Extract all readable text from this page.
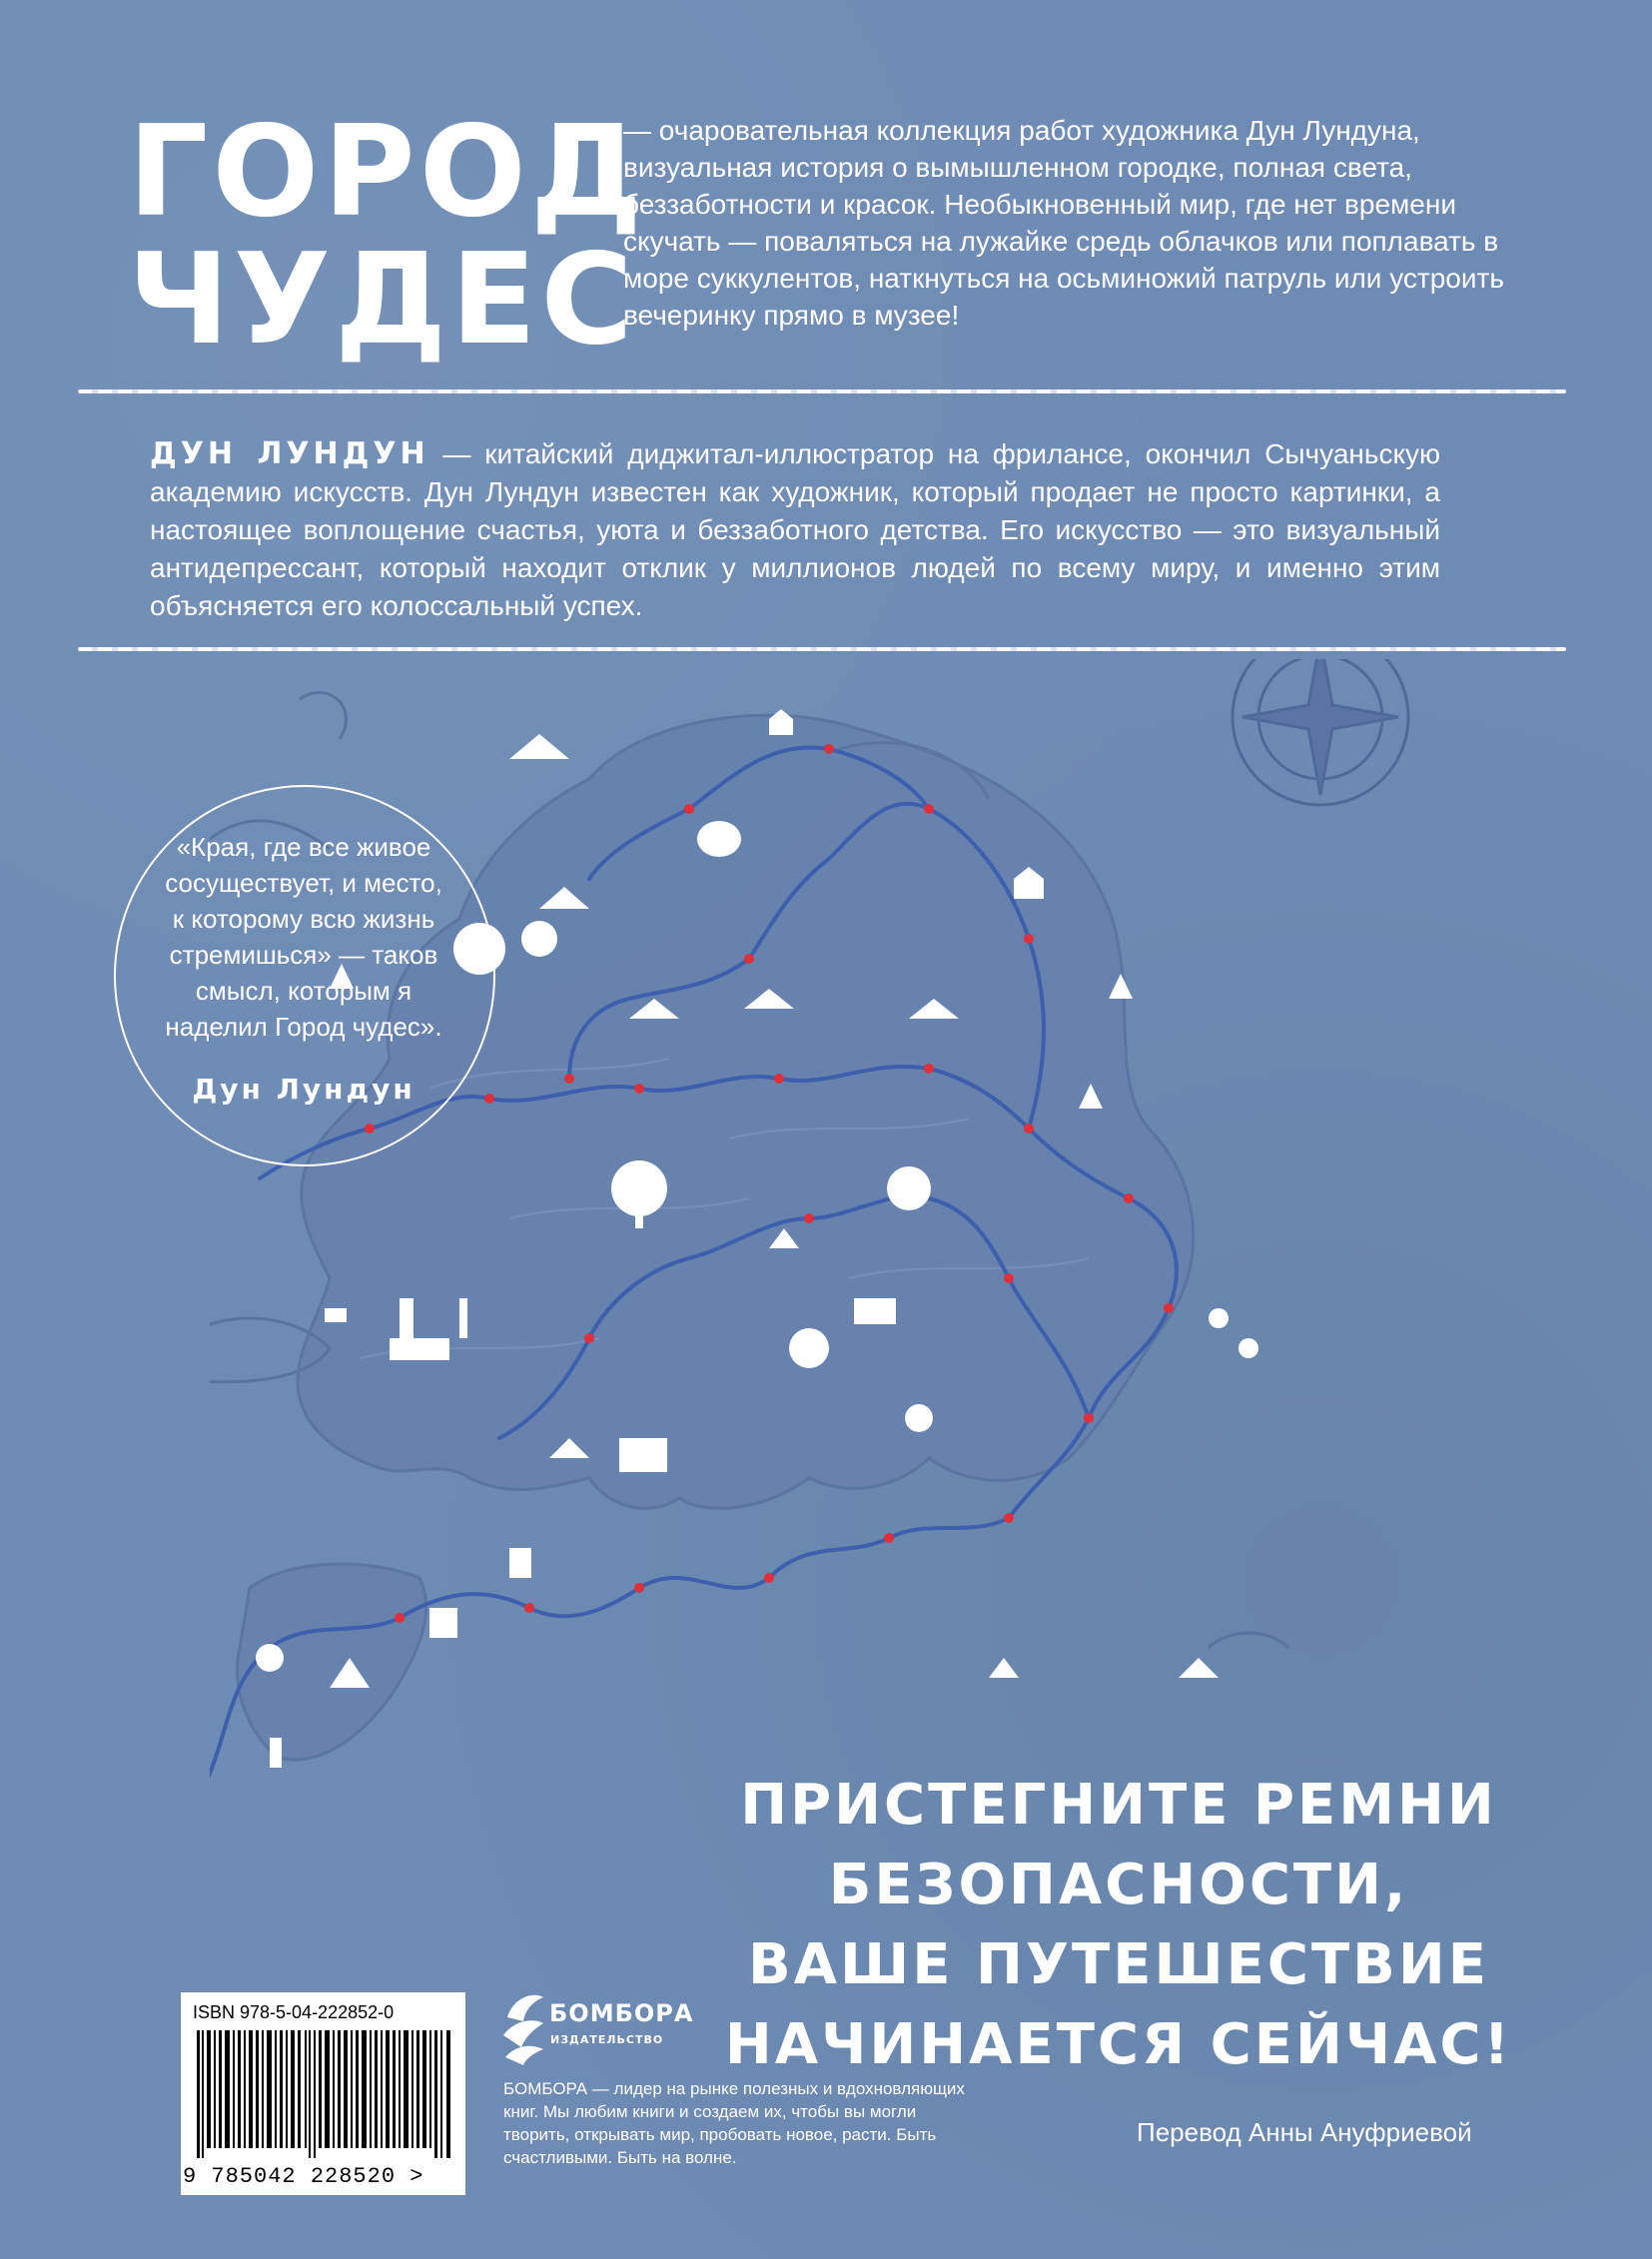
ГОРОД
ЧУДЕС
— очаровательная коллекция работ художника Дун Лундуна, визуальная история о вымышленном городке, полная света, беззаботности и красок. Необыкновенный мир, где нет времени скучать — поваляться на лужайке средь облачков или поплавать в море суккулентов, наткнуться на осьминожий патруль или устроить вечеринку прямо в музее!
ДУН ЛУНДУН — китайский диджитал-иллюстратор на фрилансе, окончил Сычуаньскую академию искусств. Дун Лундун известен как художник, который продает не просто картинки, а настоящее воплощение счастья, уюта и беззаботного детства. Его искусство — это визуальный антидепрессант, который находит отклик у миллионов людей по всему миру, и именно этим объясняется его колоссальный успех.
«Края, где все живое сосуществует, и место, к которому всю жизнь стремишься» — таков смысл, которым я наделил Город чудес».
Дун Лундун
ПРИСТЕГНИТЕ РЕМНИ
БЕЗОПАСНОСТИ,
ВАШЕ ПУТЕШЕСТВИЕ
НАЧИНАЕТСЯ СЕЙЧАС!
ISBN 978-5-04-222852-0
9 785042 228520 >
БОМБОРА
ИЗДАТЕЛЬСТВО
БОМБОРА — лидер на рынке полезных и вдохновляющих книг. Мы любим книги и создаем их, чтобы вы могли творить, открывать мир, пробовать новое, расти. Быть счастливыми. Быть на волне.
Перевод Анны Ануфриевой
